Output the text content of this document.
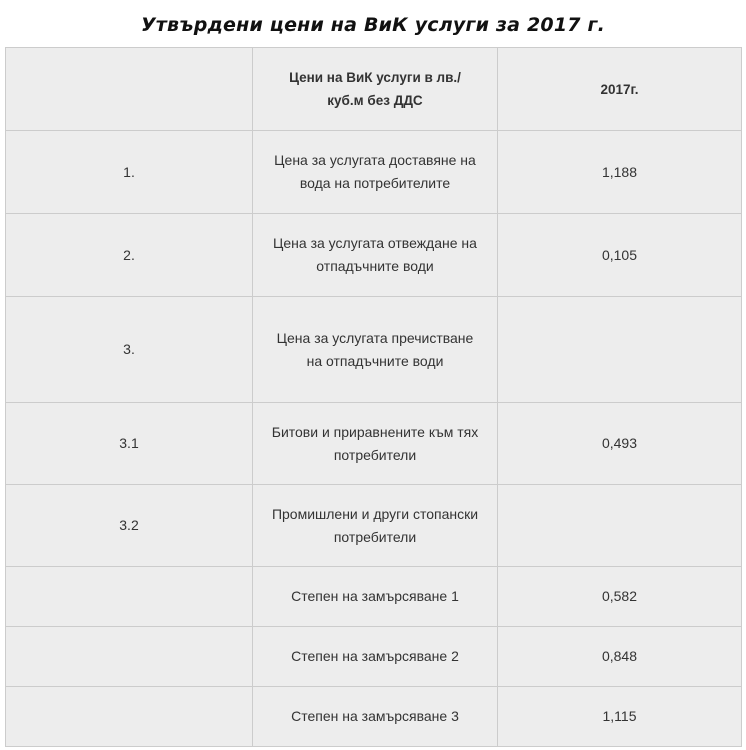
Утвърдени цени на ВиК услуги за 2017 г.
	Цени на ВиК услуги в лв./куб.м без ДДС	2017г.
1.	Цена за услугата доставяне на вода на потребителите	1,188
2.	Цена за услугата отвеждане на отпадъчните води	0,105
3.	Цена за услугата пречистване на отпадъчните води	
3.1	Битови и приравнените към тях потребители	0,493
3.2	Промишлени и други стопански потребители	
	Степен на замърсяване 1	0,582
	Степен на замърсяване 2	0,848
	Степен на замърсяване 3	1,115
